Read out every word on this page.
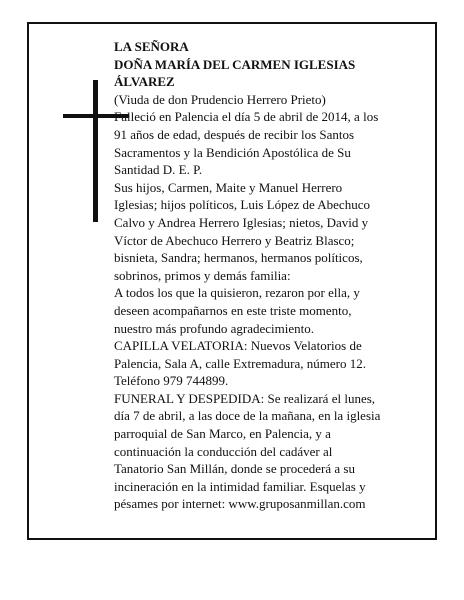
LA SEÑORA

DOÑA MARÍA DEL CARMEN IGLESIAS ÁLVAREZ

(Viuda de don Prudencio Herrero Prieto)

Falleció en Palencia el día 5 de abril de 2014, a los 91 años de edad, después de recibir los Santos Sacramentos y la Bendición Apostólica de Su Santidad D. E. P.

Sus hijos, Carmen, Maite y Manuel Herrero Iglesias; hijos políticos, Luis López de Abechuco Calvo y Andrea Herrero Iglesias; nietos, David y Víctor de Abechuco Herrero y Beatriz Blasco; bisnieta, Sandra; hermanos, hermanos políticos, sobrinos, primos y demás familia:

A todos los que la quisieron, rezaron por ella, y deseen acompañarnos en este triste momento, nuestro más profundo agradecimiento.

CAPILLA VELATORIA: Nuevos Velatorios de Palencia, Sala A, calle Extremadura, número 12. Teléfono 979 744899.

FUNERAL Y DESPEDIDA: Se realizará el lunes, día 7 de abril, a las doce de la mañana, en la iglesia parroquial de San Marco, en Palencia, y a continuación la conducción del cadáver al Tanatorio San Millán, donde se procederá a su incineración en la intimidad familiar. Esquelas y pésames por internet: www.gruposanmillan.com
